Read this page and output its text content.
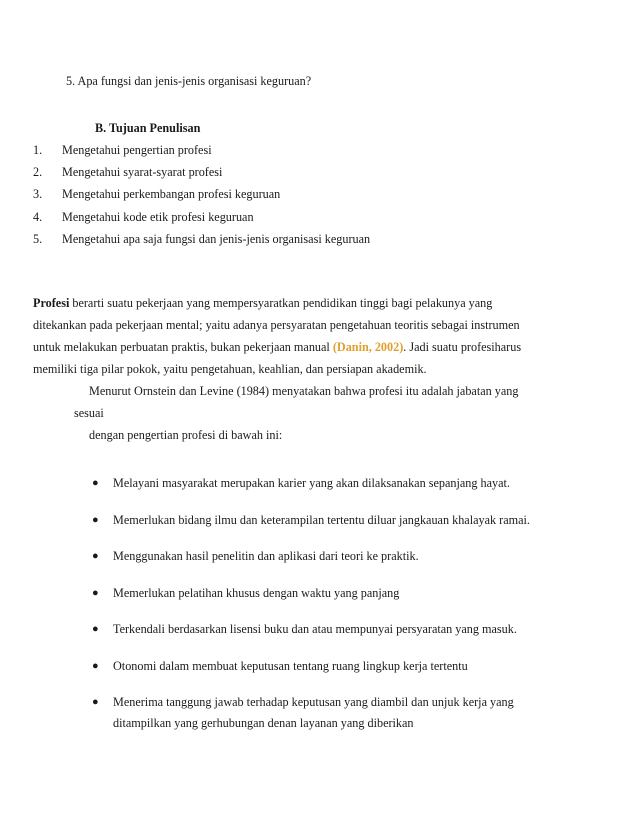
5. Apa fungsi dan jenis-jenis organisasi keguruan?
B. Tujuan Penulisan
1. Mengetahui pengertian profesi
2. Mengetahui syarat-syarat profesi
3. Mengetahui perkembangan profesi keguruan
4. Mengetahui kode etik profesi keguruan
5. Mengetahui apa saja fungsi dan jenis-jenis organisasi keguruan
Profesi berarti suatu pekerjaan yang mempersyaratkan pendidikan tinggi bagi pelakunya yang
ditekankan pada pekerjaan mental; yaitu adanya persyaratan pengetahuan teoritis sebagai instrumen
untuk melakukan perbuatan praktis, bukan pekerjaan manual (Danin, 2002). Jadi suatu profesiharus
memiliki tiga pilar pokok, yaitu pengetahuan, keahlian, dan persiapan akademik.
Menurut Ornstein dan Levine (1984) menyatakan bahwa profesi itu adalah jabatan yang
sesuai
dengan pengertian profesi di bawah ini:
● Melayani masyarakat merupakan karier yang akan dilaksanakan sepanjang hayat.
● Memerlukan bidang ilmu dan keterampilan tertentu diluar jangkauan khalayak ramai.
● Menggunakan hasil penelitin dan aplikasi dari teori ke praktik.
● Memerlukan pelatihan khusus dengan waktu yang panjang
● Terkendali berdasarkan lisensi buku dan atau mempunyai persyaratan yang masuk.
● Otonomi dalam membuat keputusan tentang ruang lingkup kerja tertentu
● Menerima tanggung jawab terhadap keputusan yang diambil dan unjuk kerja yang
ditampilkan yang gerhubungan denan layanan yang diberikan
